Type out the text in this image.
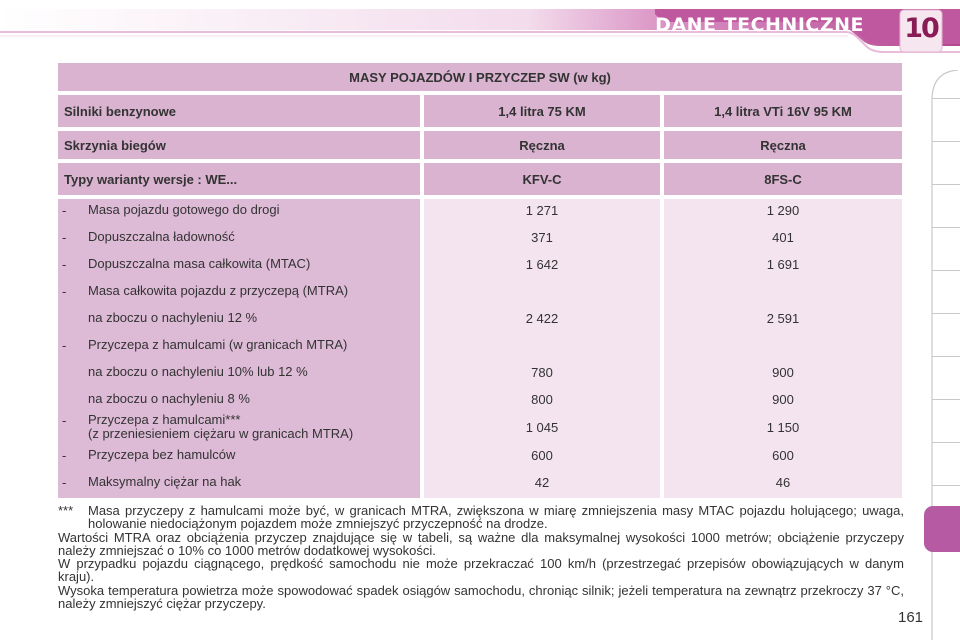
DANE TECHNICZNE 10
MASY POJAZDÓW I PRZYCZEP SW (w kg)
Silniki benzynowe	1,4 litra 75 KM	1,4 litra VTi 16V 95 KM
Skrzynia biegów	Ręczna	Ręczna
Typy warianty wersje : WE...	KFV-C	8FS-C
- Masa pojazdu gotowego do drogi	1 271	1 290
- Dopuszczalna ładowność	371	401
- Dopuszczalna masa całkowita (MTAC)	1 642	1 691
- Masa całkowita pojazdu z przyczepą (MTRA)
na zboczu o nachyleniu 12 %	2 422	2 591
- Przyczepa z hamulcami (w granicach MTRA)
na zboczu o nachyleniu 10% lub 12 %	780	900
na zboczu o nachyleniu 8 %	800	900
- Przyczepa z hamulcami***
(z przeniesieniem ciężaru w granicach MTRA)	1 045	1 150
- Przyczepa bez hamulców	600	600
- Maksymalny ciężar na hak	42	46
*** Masa przyczepy z hamulcami może być, w granicach MTRA, zwiększona w miarę zmniejszenia masy MTAC pojazdu holującego; uwaga, holowanie niedociążonym pojazdem może zmniejszyć przyczepność na drodze.
Wartości MTRA oraz obciążenia przyczep znajdujące się w tabeli, są ważne dla maksymalnej wysokości 1000 metrów; obciążenie przyczepy należy zmniejszać o 10% co 1000 metrów dodatkowej wysokości.
W przypadku pojazdu ciągnącego, prędkość samochodu nie może przekraczać 100 km/h (przestrzegać przepisów obowiązujących w danym kraju).
Wysoka temperatura powietrza może spowodować spadek osiągów samochodu, chroniąc silnik; jeżeli temperatura na zewnątrz przekroczy 37 °C, należy zmniejszyć ciężar przyczepy.
161
